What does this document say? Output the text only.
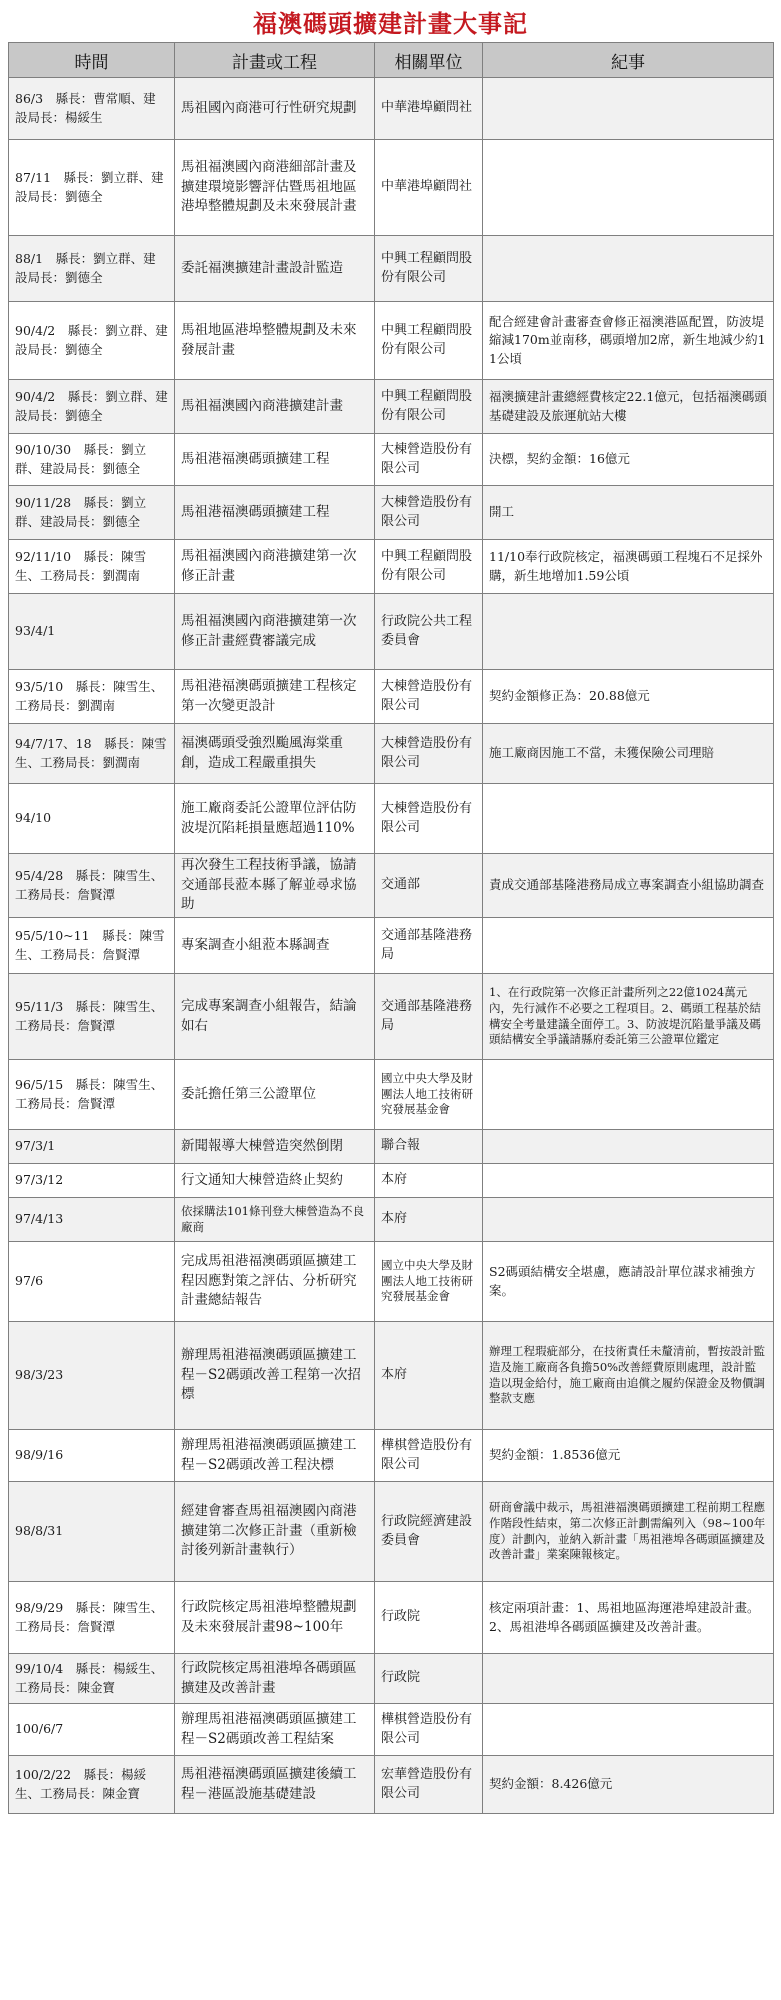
福澳碼頭擴建計畫大事記
時間	計畫或工程	相關單位	紀事
86/3　縣長：曹常順、建設局長：楊綏生	馬祖國內商港可行性研究規劃	中華港埠顧問社	
87/11　縣長：劉立群、建設局長：劉德全	馬祖福澳國內商港細部計畫及擴建環境影響評估暨馬祖地區港埠整體規劃及未來發展計畫	中華港埠顧問社	
88/1　縣長：劉立群、建設局長：劉德全	委託福澳擴建計畫設計監造	中興工程顧問股份有限公司	
90/4/2　縣長：劉立群、建設局長：劉德全	馬祖地區港埠整體規劃及未來發展計畫	中興工程顧問股份有限公司	配合經建會計畫審查會修正福澳港區配置，防波堤縮減170m並南移，碼頭增加2席，新生地減少約11公頃
90/4/2　縣長：劉立群、建設局長：劉德全	馬祖福澳國內商港擴建計畫	中興工程顧問股份有限公司	福澳擴建計畫總經費核定22.1億元，包括福澳碼頭基礎建設及旅運航站大樓
90/10/30　縣長：劉立群、建設局長：劉德全	馬祖港福澳碼頭擴建工程	大棟營造股份有限公司	決標，契約金額：16億元
90/11/28　縣長：劉立群、建設局長：劉德全	馬祖港福澳碼頭擴建工程	大棟營造股份有限公司	開工
92/11/10　縣長：陳雪生、工務局長：劉潤南	馬祖福澳國內商港擴建第一次修正計畫	中興工程顧問股份有限公司	11/10奉行政院核定，福澳碼頭工程塊石不足採外購，新生地增加1.59公頃
93/4/1	馬祖福澳國內商港擴建第一次修正計畫經費審議完成	行政院公共工程委員會	
93/5/10　縣長：陳雪生、工務局長：劉潤南	馬祖港福澳碼頭擴建工程核定第一次變更設計	大棟營造股份有限公司	契約金額修正為：20.88億元
94/7/17、18　縣長：陳雪生、工務局長：劉潤南	福澳碼頭受強烈颱風海棠重創，造成工程嚴重損失	大棟營造股份有限公司	施工廠商因施工不當，未獲保險公司理賠
94/10	施工廠商委託公證單位評估防波堤沉陷耗損量應超過110%	大棟營造股份有限公司	
95/4/28　縣長：陳雪生、工務局長：詹賢潭	再次發生工程技術爭議，協請交通部長蒞本縣了解並尋求協助	交通部	責成交通部基隆港務局成立專案調查小組協助調查
95/5/10~11　縣長：陳雪生、工務局長：詹賢潭	專案調查小組蒞本縣調查	交通部基隆港務局	
95/11/3　縣長：陳雪生、工務局長：詹賢潭	完成專案調查小組報告，結論如右	交通部基隆港務局	1、在行政院第一次修正計畫所列之22億1024萬元內，先行減作不必要之工程項目。2、碼頭工程基於結構安全考量建議全面停工。3、防波堤沉陷量爭議及碼頭結構安全爭議請縣府委託第三公證單位鑑定
96/5/15　縣長：陳雪生、工務局長：詹賢潭	委託擔任第三公證單位	國立中央大學及財團法人地工技術研究發展基金會	
97/3/1	新聞報導大棟營造突然倒閉	聯合報	
97/3/12	行文通知大棟營造終止契約	本府	
97/4/13	依採購法101條刊登大棟營造為不良廠商	本府	
97/6	完成馬祖港福澳碼頭區擴建工程因應對策之評估、分析研究計畫總結報告	國立中央大學及財團法人地工技術研究發展基金會	S2碼頭結構安全堪慮，應請設計單位謀求補強方案。
98/3/23	辦理馬祖港福澳碼頭區擴建工程－S2碼頭改善工程第一次招標	本府	辦理工程瑕疵部分，在技術責任未釐清前，暫按設計監造及施工廠商各負擔50%改善經費原則處理，設計監造以現金給付，施工廠商由追償之履約保證金及物價調整款支應
98/9/16	辦理馬祖港福澳碼頭區擴建工程－S2碼頭改善工程決標	樺棋營造股份有限公司	契約金額：1.8536億元
98/8/31	經建會審查馬祖福澳國內商港擴建第二次修正計畫（重新檢討後列新計畫執行）	行政院經濟建設委員會	研商會議中裁示，馬祖港福澳碼頭擴建工程前期工程應作階段性結束，第二次修正計劃需編列入（98~100年度）計劃內，並納入新計畫「馬祖港埠各碼頭區擴建及改善計畫」業案陳報核定。
98/9/29　縣長：陳雪生、工務局長：詹賢潭	行政院核定馬祖港埠整體規劃及未來發展計畫98~100年	行政院	核定兩項計畫：1、馬祖地區海運港埠建設計畫。2、馬祖港埠各碼頭區擴建及改善計畫。
99/10/4　縣長：楊綏生、工務局長：陳金寶	行政院核定馬祖港埠各碼頭區擴建及改善計畫	行政院	
100/6/7	辦理馬祖港福澳碼頭區擴建工程－S2碼頭改善工程結案	樺棋營造股份有限公司	
100/2/22　縣長：楊綏生、工務局長：陳金寶	馬祖港福澳碼頭區擴建後續工程－港區設施基礎建設	宏華營造股份有限公司	契約金額：8.426億元
